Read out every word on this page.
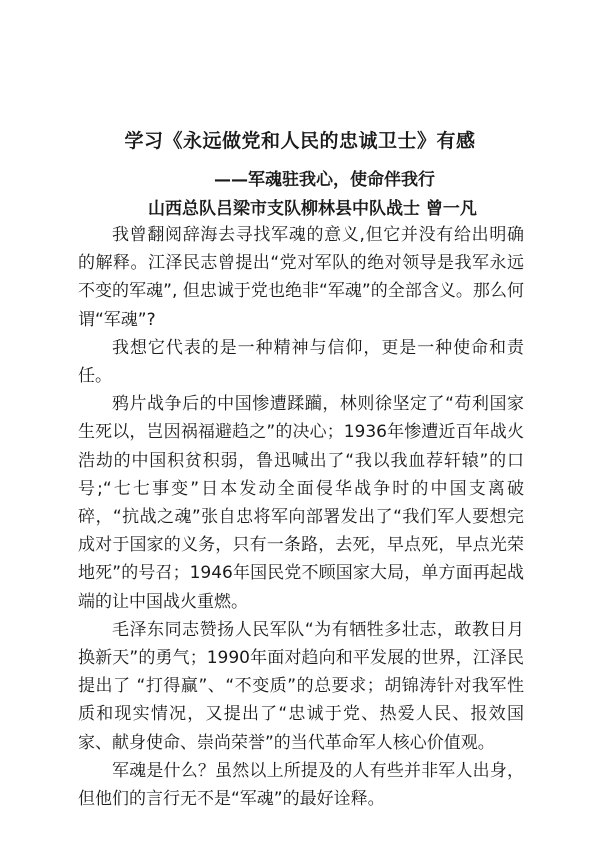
学习《永远做党和人民的忠诚卫士》有感
——军魂驻我心，使命伴我行
山西总队吕梁市支队柳林县中队战士 曾一凡

我曾翻阅辞海去寻找军魂的意义,但它并没有给出明确的解释。江泽民志曾提出“党对军队的绝对领导是我军永远不变的军魂”, 但忠诚于党也绝非“军魂”的全部含义。那么何谓“军魂”?

我想它代表的是一种精神与信仰，更是一种使命和责任。

鸦片战争后的中国惨遭蹂躏，林则徐坚定了“苟利国家生死以，岂因祸福避趋之”的决心；1936年惨遭近百年战火浩劫的中国积贫积弱，鲁迅喊出了“我以我血荐轩辕”的口号;“七七事变”日本发动全面侵华战争时的中国支离破碎，“抗战之魂”张自忠将军向部署发出了“我们军人要想完成对于国家的义务，只有一条路，去死，早点死，早点光荣地死”的号召；1946年国民党不顾国家大局，单方面再起战端的让中国战火重燃。

毛泽东同志赞扬人民军队“为有牺牲多壮志，敢教日月换新天”的勇气；1990年面对趋向和平发展的世界，江泽民提出了 “打得赢”、“不变质”的总要求；胡锦涛针对我军性质和现实情况，又提出了“忠诚于党、热爱人民、报效国家、献身使命、崇尚荣誉”的当代革命军人核心价值观。

军魂是什么？虽然以上所提及的人有些并非军人出身，但他们的言行无不是“军魂”的最好诠释。
